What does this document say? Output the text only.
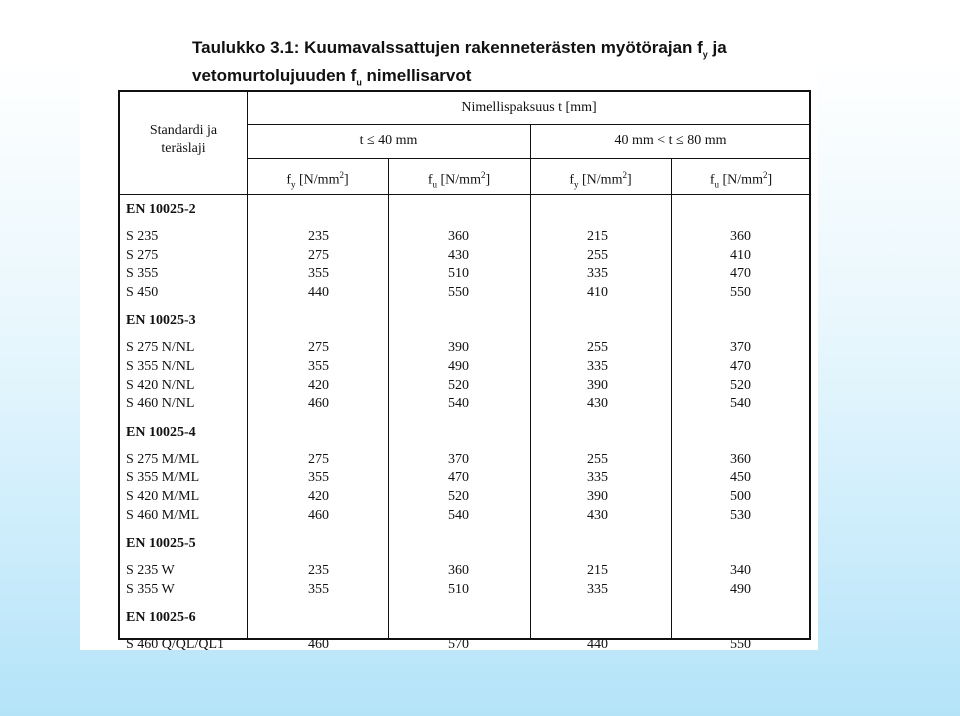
Taulukko 3.1: Kuumavalssattujen rakenneterästen myötörajan $f_y$ ja

vetomurtolujuuden $f_u$ nimellisarvot
Standardi ja
teräslaji
Nimellispaksuus t [mm]
t ≤ 40 mm	40 mm < t ≤ 80 mm
$f_y$ $[N/mm^2]$	$f_u$ $[N/mm^2]$	$f_y$ $[N/mm^2]$	$f_u$ $[N/mm^2]$
EN 10025-2
S 235	235	360	215	360
S 275	275	430	255	410
S 355	355	510	335	470
S 450	440	550	410	550
EN 10025-3
S 275 N/NL	275	390	255	370
S 355 N/NL	355	490	335	470
S 420 N/NL	420	520	390	520
S 460 N/NL	460	540	430	540
EN 10025-4
S 275 M/ML	275	370	255	360
S 355 M/ML	355	470	335	450
S 420 M/ML	420	520	390	500
S 460 M/ML	460	540	430	530
EN 10025-5
S 235 W	235	360	215	340
S 355 W	355	510	335	490
EN 10025-6
S 460 Q/QL/QL1	460	570	440	550
